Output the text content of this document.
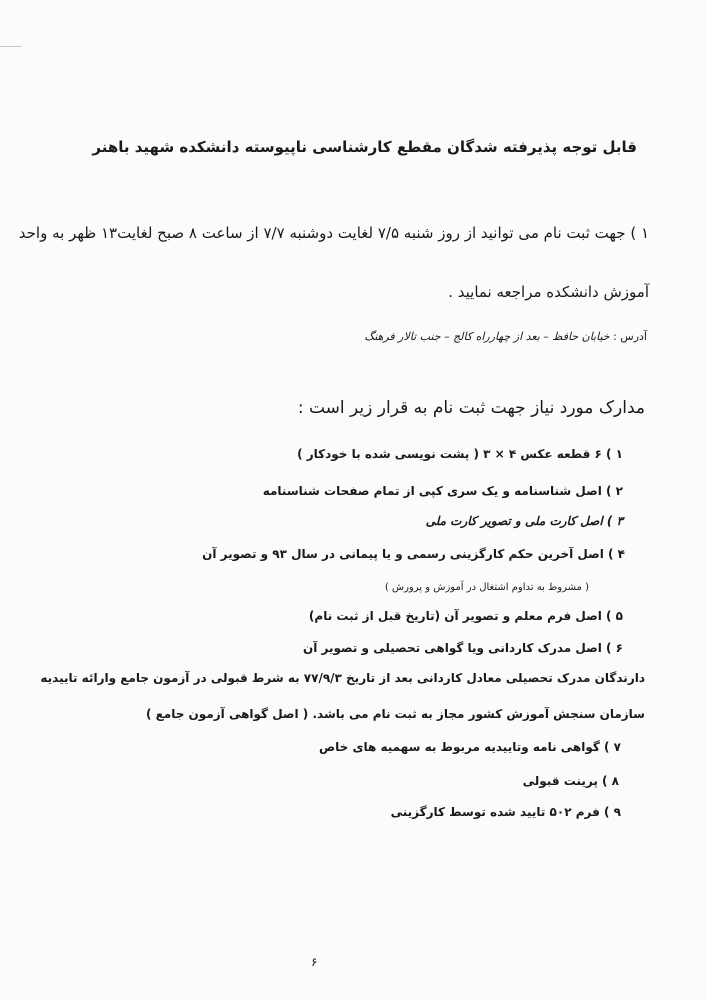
قابل توجه پذیرفته شدگان مقطع کارشناسی ناپیوسته دانشکده شهید باهنر
۱ ) جهت ثبت نام می توانید از روز شنبه ۷/۵ لغایت دوشنبه ۷/۷ از ساعت ۸ صبح لغایت۱۳ ظهر به واحد
آموزش دانشکده مراجعه نمایید .
آدرس : خیابان حافظ – بعد از چهارراه کالج – جنب تالار فرهنگ
مدارک مورد نیاز جهت ثبت نام به قرار زیر است :
۱ ) ۶ قطعه عکس ۴ × ۳ ( پشت نویسی شده با خودکار )
۲ ) اصل شناسنامه و یک سری کپی از تمام صفحات شناسنامه
۳ ) اصل کارت ملی و تصویر کارت ملی
۴ ) اصل آخرین حکم کارگزینی رسمی و یا پیمانی در سال ۹۳ و تصویر آن
( مشروط به تداوم اشتغال در آموزش و پرورش )
۵ ) اصل فرم معلم و تصویر آن (تاریخ قبل از ثبت نام)
۶ ) اصل مدرک کاردانی ویا گواهی تحصیلی و تصویر آن
دارندگان مدرک تحصیلی معادل کاردانی بعد از تاریخ ۷۷/۹/۳ به شرط قبولی در آزمون جامع وارائه تاییدیه
سازمان سنجش آموزش کشور مجاز به ثبت نام می باشد. ( اصل گواهی آزمون جامع )
۷ ) گواهی نامه وتاییدیه مربوط به سهمیه های خاص
۸ ) پرینت قبولی
۹ ) فرم ۵۰۲ تایید شده توسط کارگزینی
۶
